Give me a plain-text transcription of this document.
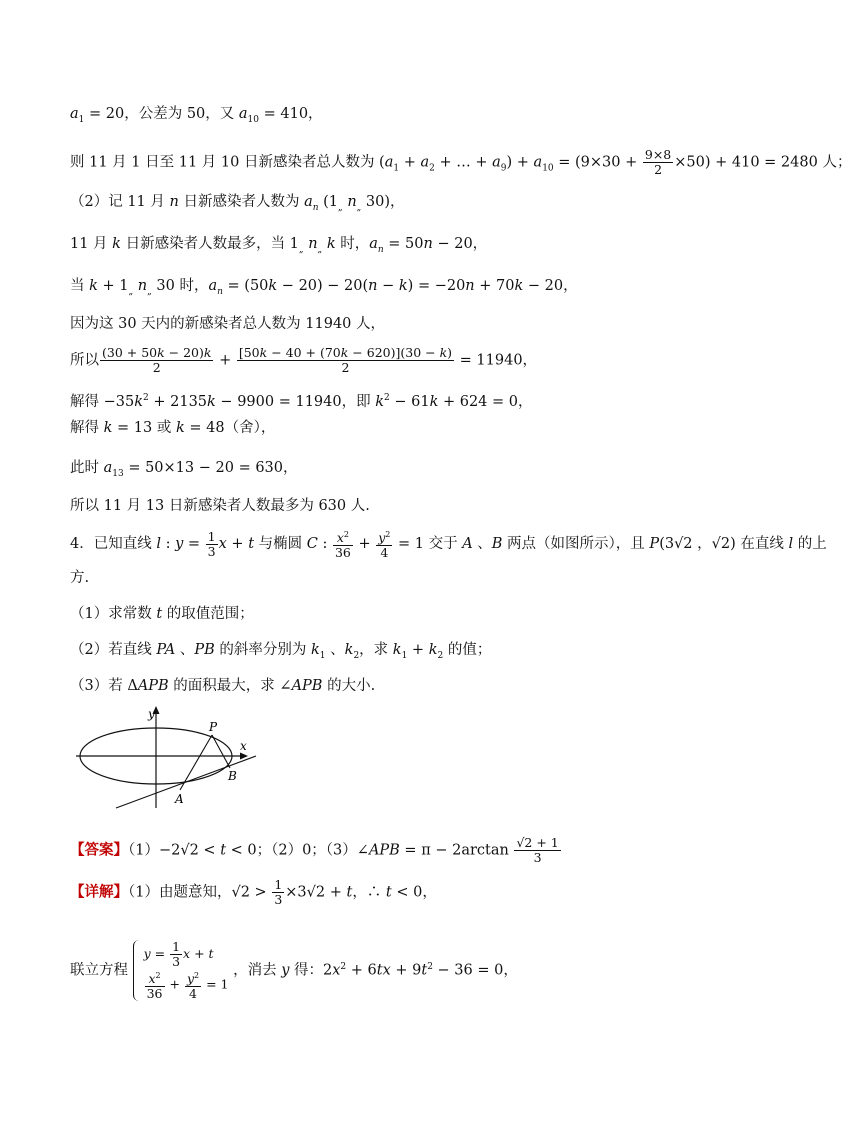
$a_1 = 20$，公差为 50，又 $a_{10} = 410$，
则 11 月 1 日至 11 月 10 日新感染者总人数为 ($a_1 + a_2$ + … + $a_9) + a_{10} = (9\times 30 + \frac{9\times 8}{2} \times 50) + 410 = 2480$ 人；
（2）记 11 月 n 日新感染者人数为 $a_n$ ($1_„$ $n_„$ 30)，
11 月 k 日新感染者人数最多，当 $1_„$ $n_„$ k 时，$a_n = 50n - 20$，
当 $k + 1_„$ $n_„$ 30 时，$a_n = (50k - 20) - 20(n - k) = -20n + 70k - 20$，
因为这 30 天内的新感染者总人数为 11940 人，
所以 $\frac{(30 + 50k - 20)k}{2} + \frac{[50k - 40 + (70k - 620)](30 - k)}{2} = 11940$，
解得 $-35k^2 + 2135k - 9900 = 11940$，即 $k^2 - 61k + 624 = 0$，
解得 k = 13 或 k = 48（舍），
此时 $a_{13} = 50\times 13 - 20 = 630$，
所以 11 月 13 日新感染者人数最多为 630 人.
4．已知直线 l : $y = \frac{1}{3}$ x + t 与椭圆 C : $\frac{x^2}{36} + \frac{y^2}{4} = 1$ 交于 A 、B 两点（如图所示），且 P(3√2 ，√2) 在直线 l 的上
方.
（1）求常数 t 的取值范围；
（2）若直线 PA 、PB 的斜率分别为 $k_1$ 、$k_2$，求 $k_1 + k_2$ 的值；
（3）若 ΔAPB 的面积最大，求 ∠APB 的大小.
y
x
P
A
B
【答案】（1）−2√2 < t < 0；（2）0；（3）∠APB = $\pi - 2\arctan \frac{√2 + 1}{3}$
【详解】（1）由题意知，$√2 > \frac{1}{3} \times 3√2 + t$，∴ t < 0，
联立方程
$y = \frac{1}{3}$ x + t
$\frac{x^2}{36} + \frac{y^2}{4} = 1$
，消去 y 得：$2x^2 + 6tx + 9t^2 - 36 = 0$，
